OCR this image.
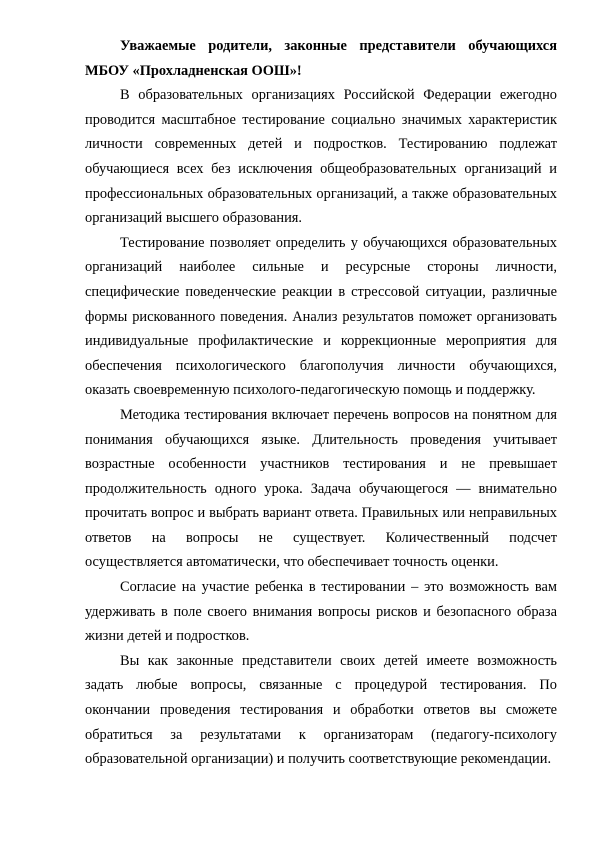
Уважаемые родители, законные представители обучающихся МБОУ «Прохладненская ООШ»!

В образовательных организациях Российской Федерации ежегодно проводится масштабное тестирование социально значимых характеристик личности современных детей и подростков. Тестированию подлежат обучающиеся всех без исключения общеобразовательных организаций и профессиональных образовательных организаций, а также образовательных организаций высшего образования.

Тестирование позволяет определить у обучающихся образовательных организаций наиболее сильные и ресурсные стороны личности, специфические поведенческие реакции в стрессовой ситуации, различные формы рискованного поведения. Анализ результатов поможет организовать индивидуальные профилактические и коррекционные мероприятия для обеспечения психологического благополучия личности обучающихся, оказать своевременную психолого-педагогическую помощь и поддержку.

Методика тестирования включает перечень вопросов на понятном для понимания обучающихся языке. Длительность проведения учитывает возрастные особенности участников тестирования и не превышает продолжительность одного урока. Задача обучающегося — внимательно прочитать вопрос и выбрать вариант ответа. Правильных или неправильных ответов на вопросы не существует. Количественный подсчет осуществляется автоматически, что обеспечивает точность оценки.

Согласие на участие ребенка в тестировании – это возможность вам удерживать в поле своего внимания вопросы рисков и безопасного образа жизни детей и подростков.

Вы как законные представители своих детей имеете возможность задать любые вопросы, связанные с процедурой тестирования. По окончании проведения тестирования и обработки ответов вы сможете обратиться за результатами к организаторам (педагогу-психологу образовательной организации) и получить соответствующие рекомендации.
